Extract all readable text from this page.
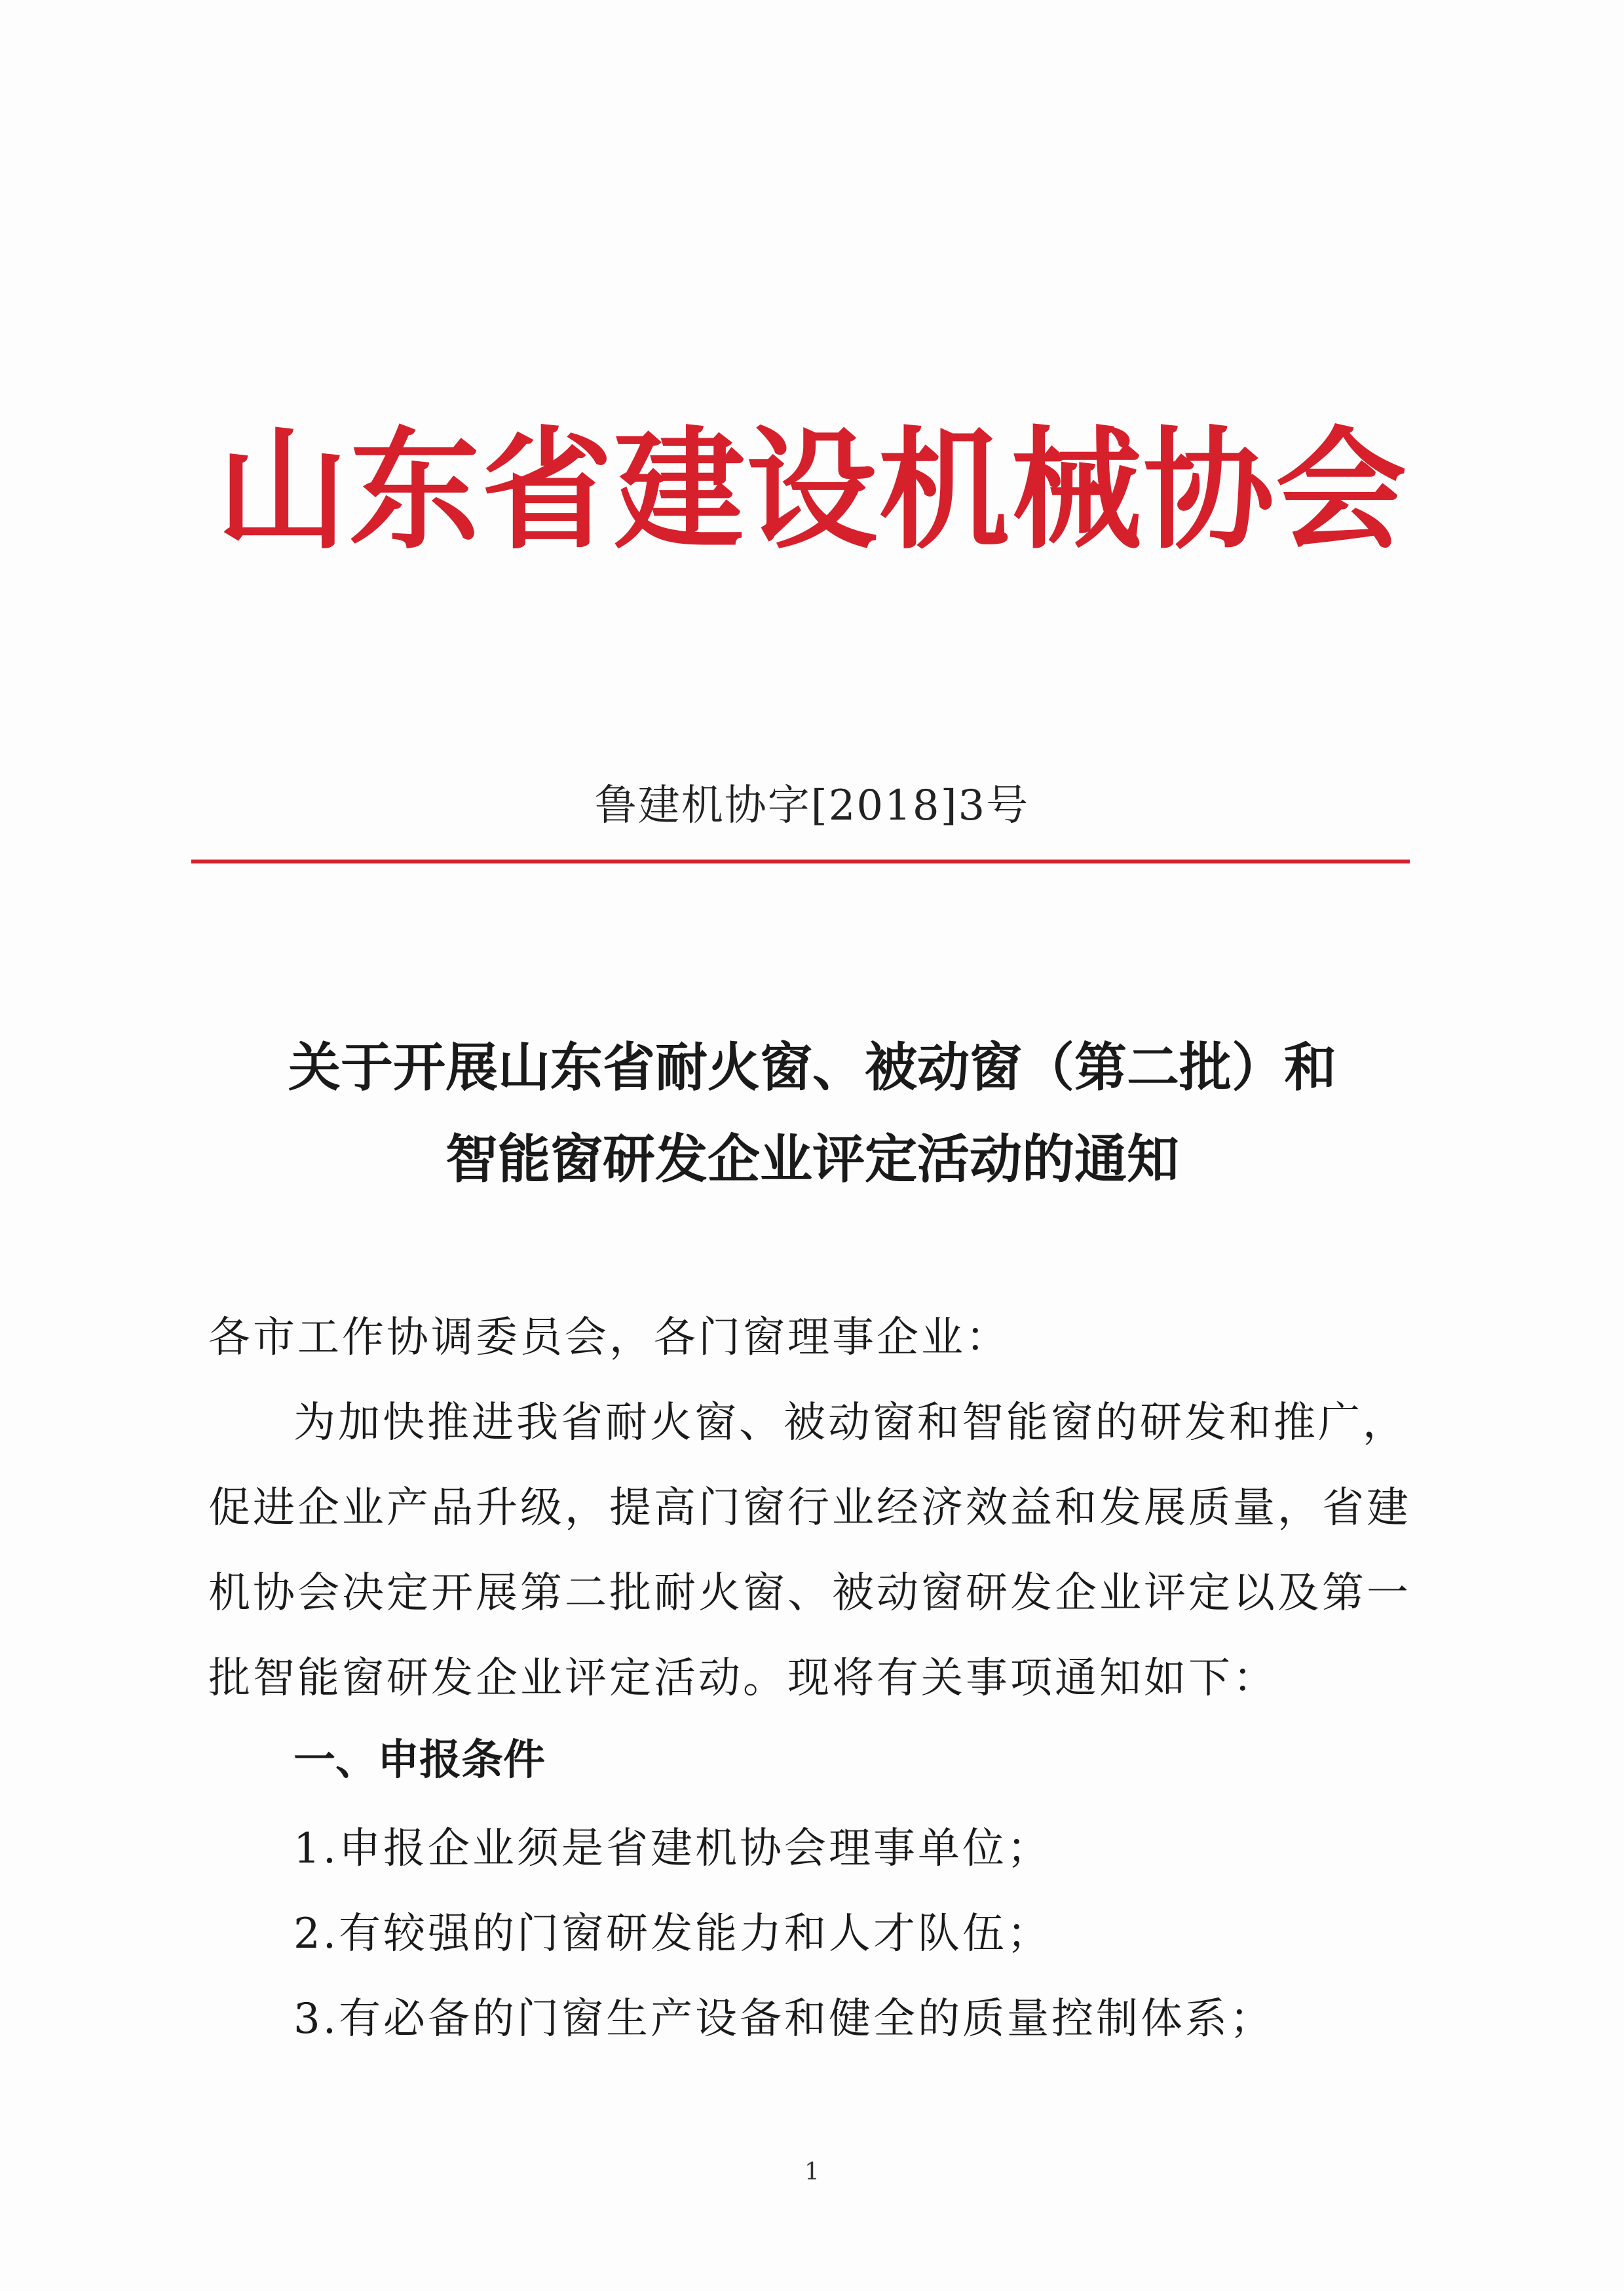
山东省建设机械协会
鲁建机协字[2018]3号
关于开展山东省耐火窗、被动窗（第二批）和
智能窗研发企业评定活动的通知
各市工作协调委员会，各门窗理事企业：
为加快推进我省耐火窗、被动窗和智能窗的研发和推广，
促进企业产品升级，提高门窗行业经济效益和发展质量，省建
机协会决定开展第二批耐火窗、被动窗研发企业评定以及第一
批智能窗研发企业评定活动。现将有关事项通知如下：
一、申报条件
1.申报企业须是省建机协会理事单位；
2.有较强的门窗研发能力和人才队伍；
3.有必备的门窗生产设备和健全的质量控制体系；
1
